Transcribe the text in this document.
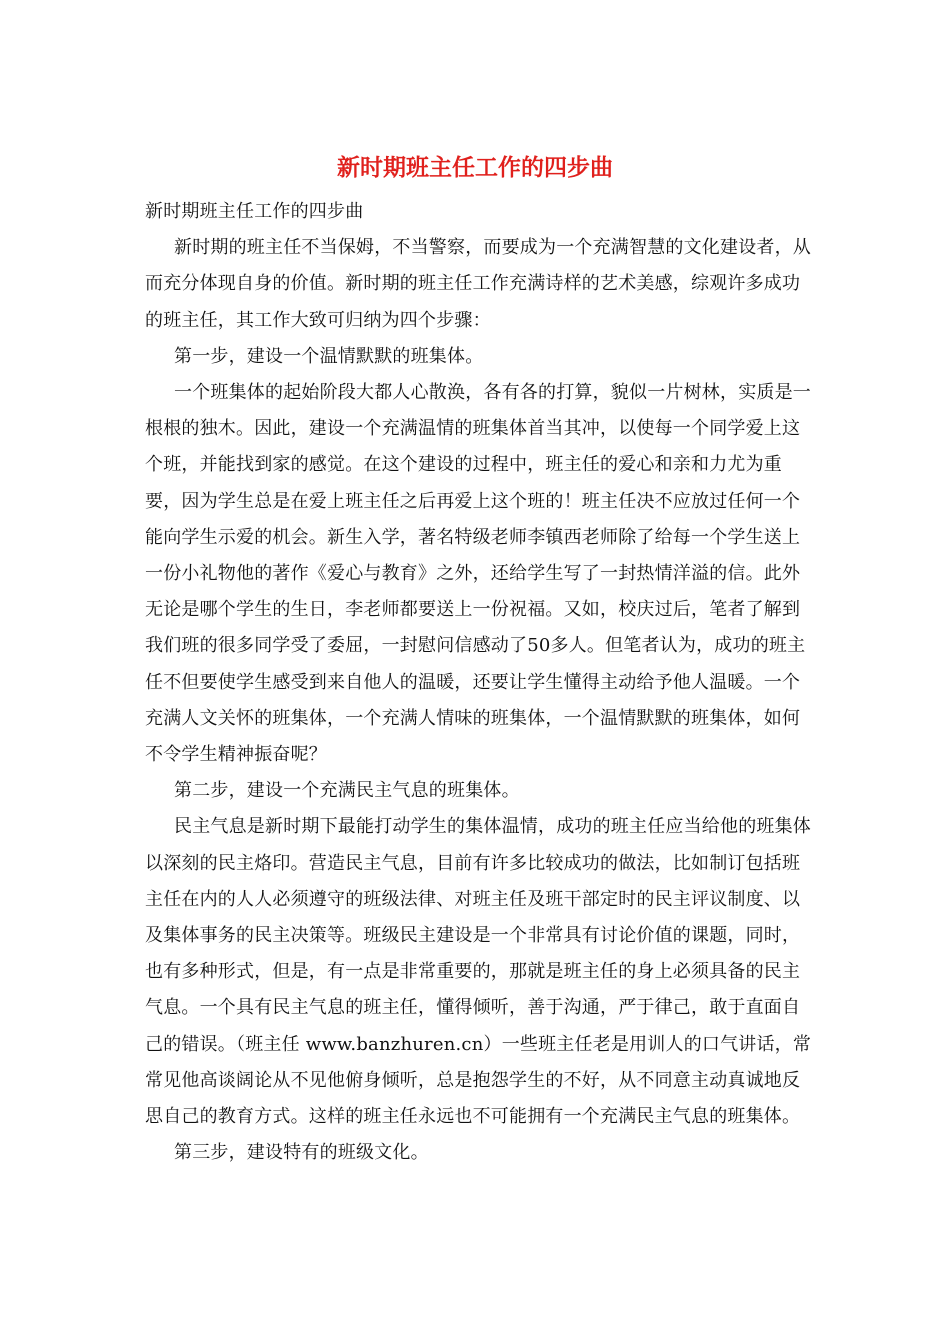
新时期班主任工作的四步曲

新时期班主任工作的四步曲

新时期的班主任不当保姆，不当警察，而要成为一个充满智慧的文化建设者，从而充分体现自身的价值。新时期的班主任工作充满诗样的艺术美感，综观许多成功的班主任，其工作大致可归纳为四个步骤：

第一步，建设一个温情默默的班集体。

一个班集体的起始阶段大都人心散涣，各有各的打算，貌似一片树林，实质是一根根的独木。因此，建设一个充满温情的班集体首当其冲，以使每一个同学爱上这个班，并能找到家的感觉。在这个建设的过程中，班主任的爱心和亲和力尤为重要，因为学生总是在爱上班主任之后再爱上这个班的！班主任决不应放过任何一个能向学生示爱的机会。新生入学，著名特级老师李镇西老师除了给每一个学生送上一份小礼物他的著作《爱心与教育》之外，还给学生写了一封热情洋溢的信。此外无论是哪个学生的生日，李老师都要送上一份祝福。又如，校庆过后，笔者了解到我们班的很多同学受了委屈，一封慰问信感动了50多人。但笔者认为，成功的班主任不但要使学生感受到来自他人的温暖，还要让学生懂得主动给予他人温暖。一个充满人文关怀的班集体，一个充满人情味的班集体，一个温情默默的班集体，如何不令学生精神振奋呢？

第二步，建设一个充满民主气息的班集体。

民主气息是新时期下最能打动学生的集体温情，成功的班主任应当给他的班集体以深刻的民主烙印。营造民主气息，目前有许多比较成功的做法，比如制订包括班主任在内的人人必须遵守的班级法律、对班主任及班干部定时的民主评议制度、以及集体事务的民主决策等。班级民主建设是一个非常具有讨论价值的课题，同时，也有多种形式，但是，有一点是非常重要的，那就是班主任的身上必须具备的民主气息。一个具有民主气息的班主任，懂得倾听，善于沟通，严于律己，敢于直面自己的错误。（班主任 www.banzhuren.cn）一些班主任老是用训人的口气讲话，常常见他高谈阔论从不见他俯身倾听，总是抱怨学生的不好，从不同意主动真诚地反思自己的教育方式。这样的班主任永远也不可能拥有一个充满民主气息的班集体。

第三步，建设特有的班级文化。
